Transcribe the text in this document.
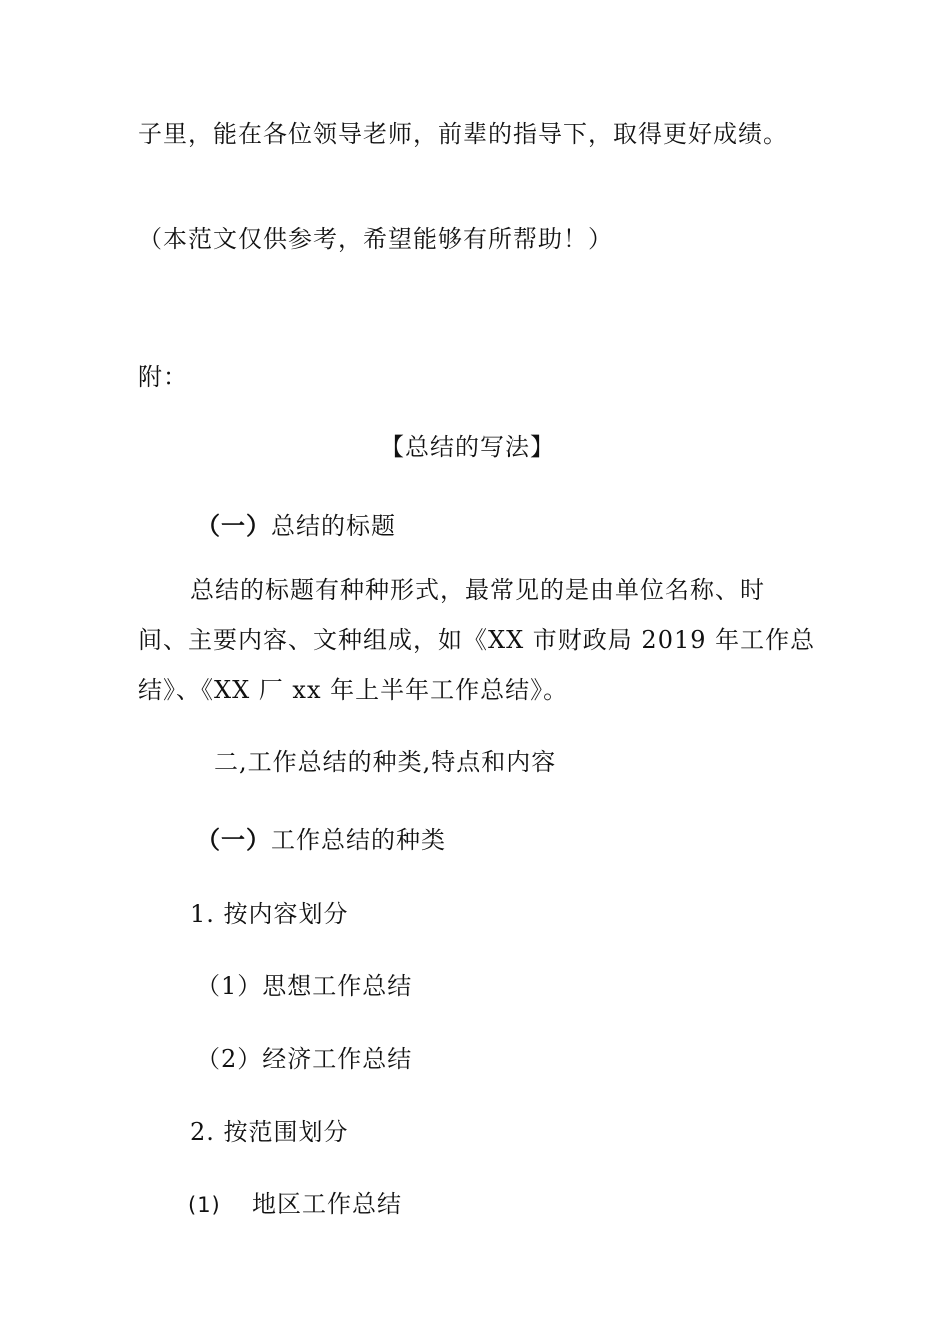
子里，能在各位领导老师，前辈的指导下，取得更好成绩。

（本范文仅供参考，希望能够有所帮助！）

附：

【总结的写法】

（一）总结的标题

总结的标题有种种形式，最常见的是由单位名称、时

间、主要内容、文种组成，如《XX 市财政局 2019 年工作总

结》、《XX 厂 xx 年上半年工作总结》。

二,工作总结的种类,特点和内容

（一）工作总结的种类

1. 按内容划分

（1）思想工作总结

（2）经济工作总结

2. 按范围划分

(1) 地区工作总结
